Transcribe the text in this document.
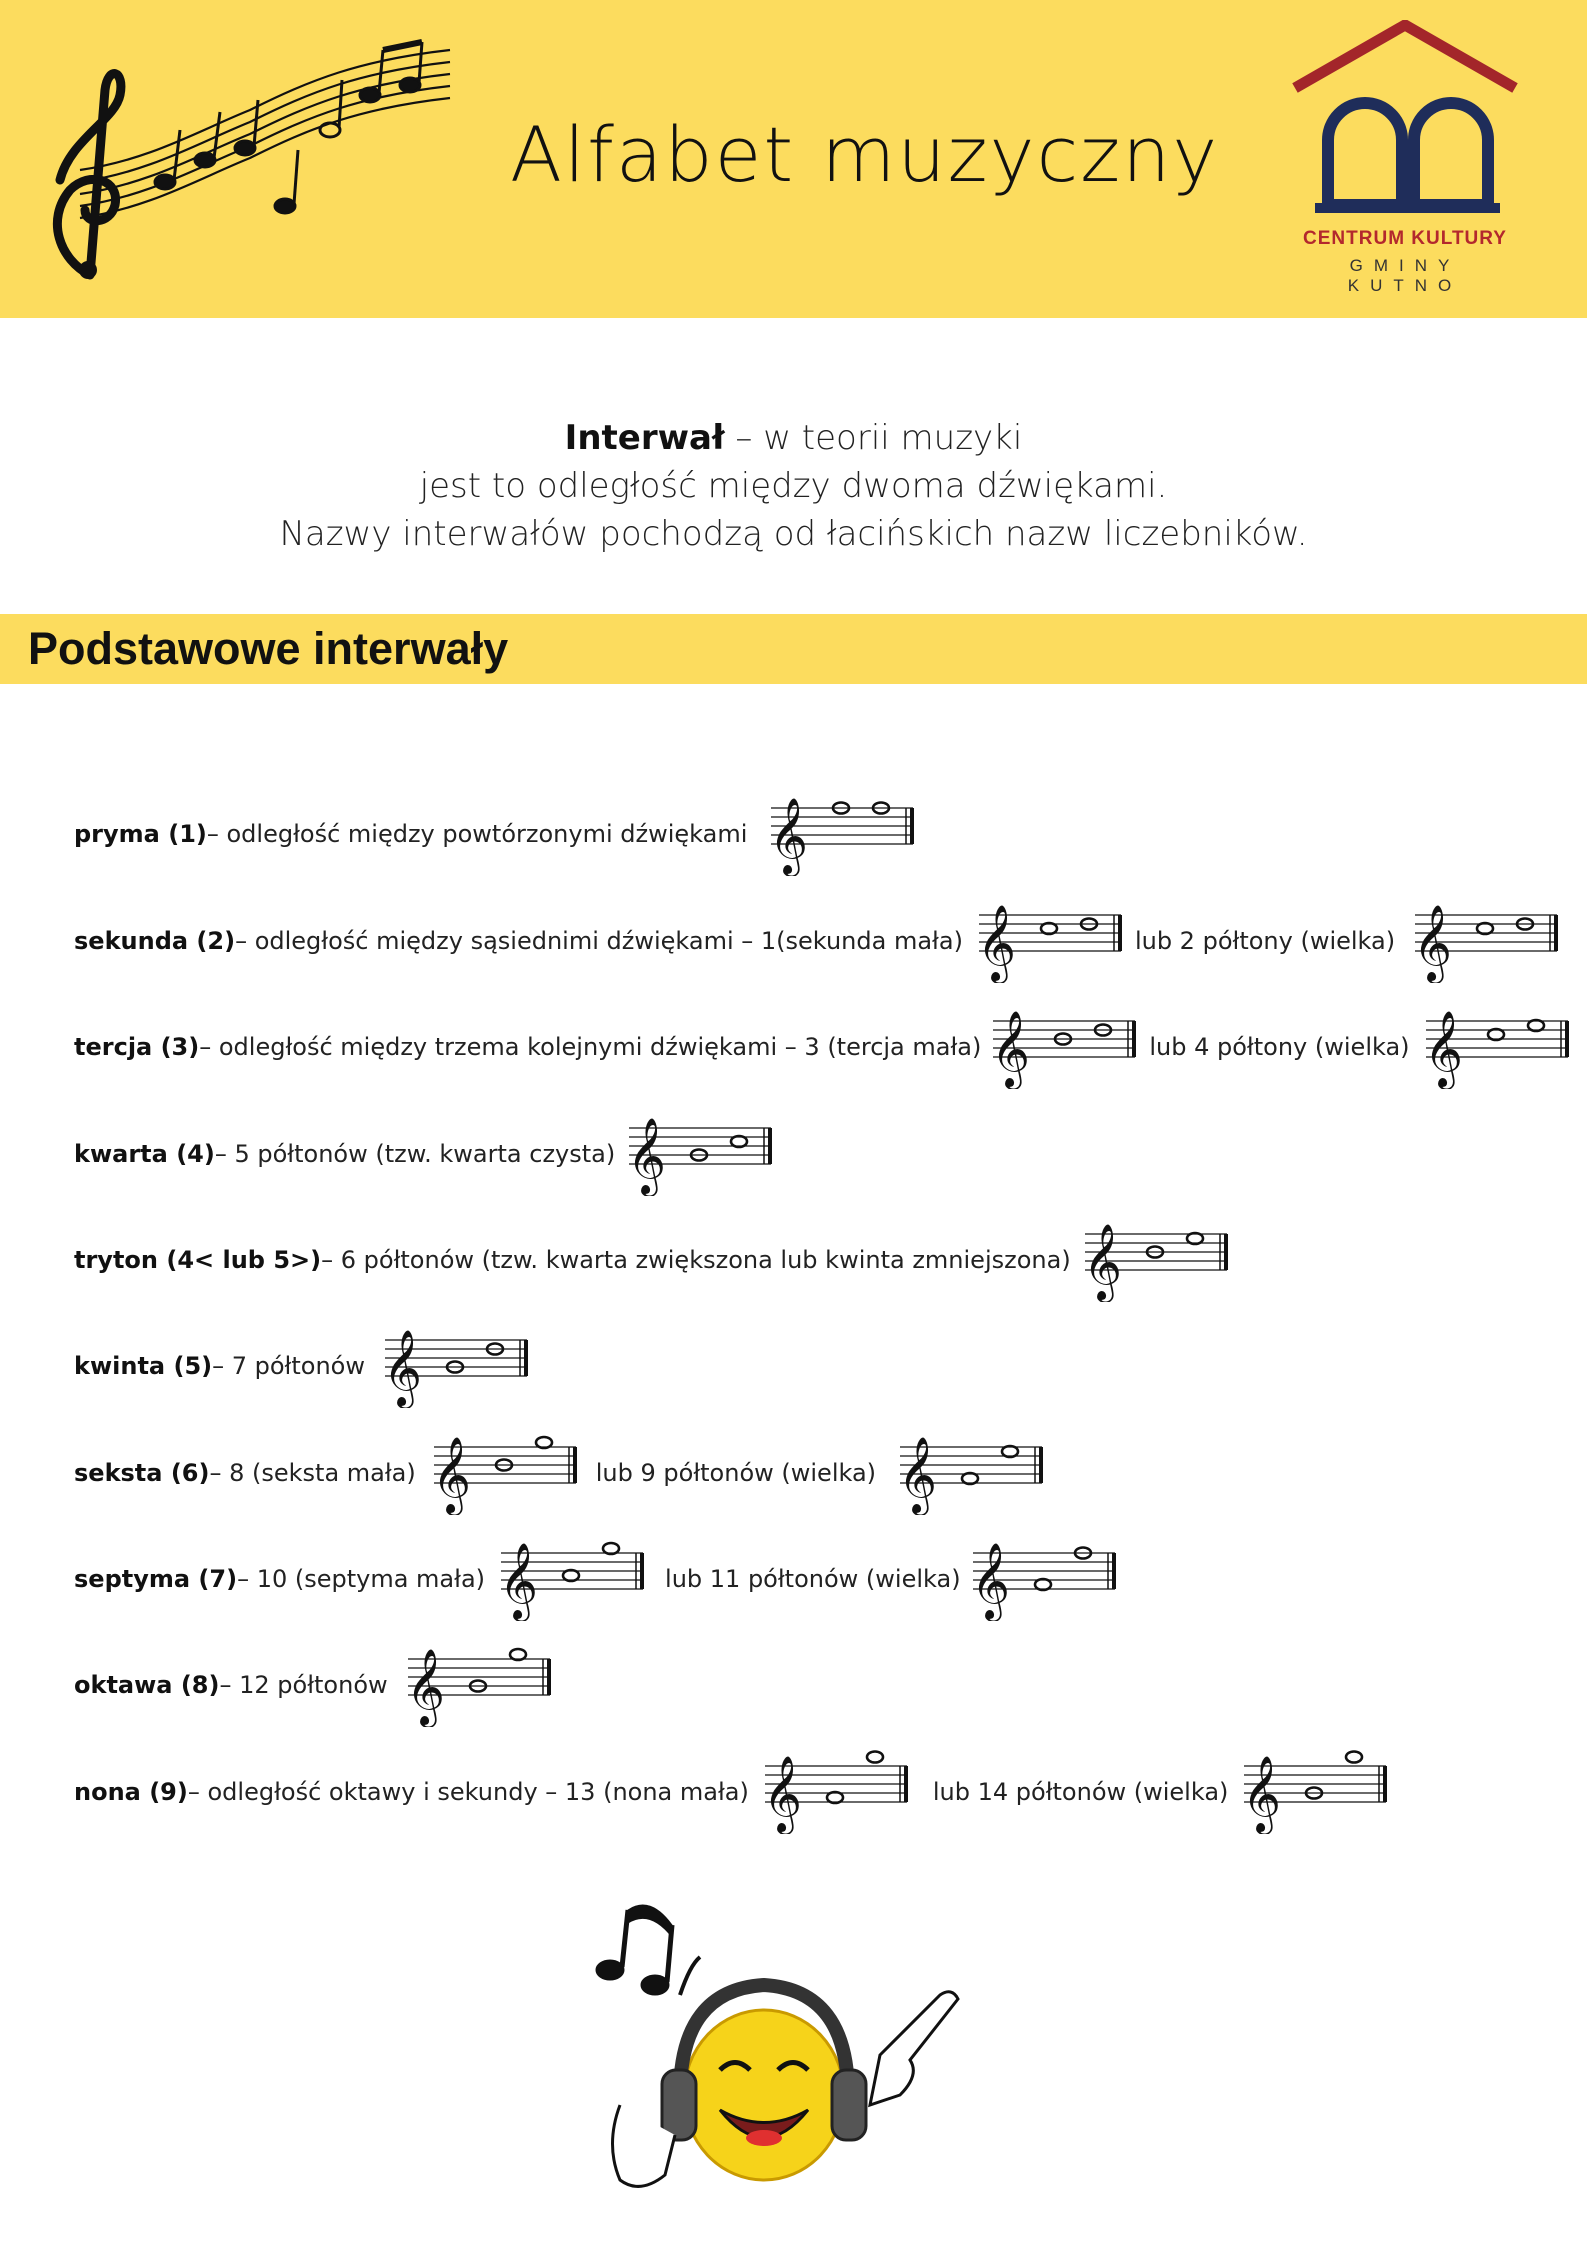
Alfabet muzyczny
CENTRUM KULTURY
GMINY KUTNO
Interwał – w teorii muzyki
jest to odległość między dwoma dźwiękami.
Nazwy interwałów pochodzą od łacińskich nazw liczebników.
Podstawowe interwały
pryma (1) – odległość między powtórzonymi dźwiękami 𝄞
sekunda (2) – odległość między sąsiednimi dźwiękami – 1(sekunda mała) 𝄞	lub 2 półtony (wielka) 𝄞
tercja (3) – odległość między trzema kolejnymi dźwiękami – 3 (tercja mała) 𝄞	lub 4 półtony (wielka) 𝄞
kwarta (4) – 5 półtonów (tzw. kwarta czysta) 𝄞
tryton (4< lub 5>) – 6 półtonów (tzw. kwarta zwiększona lub kwinta zmniejszona) 𝄞
kwinta (5) – 7 półtonów 𝄞
seksta (6) – 8 (seksta mała) 𝄞	lub 9 półtonów (wielka) 𝄞
septyma (7) – 10 (septyma mała) 𝄞	lub 11 półtonów (wielka) 𝄞
oktawa (8) – 12 półtonów 𝄞
nona (9) – odległość oktawy i sekundy – 13 (nona mała) 𝄞	lub 14 półtonów (wielka) 𝄞
